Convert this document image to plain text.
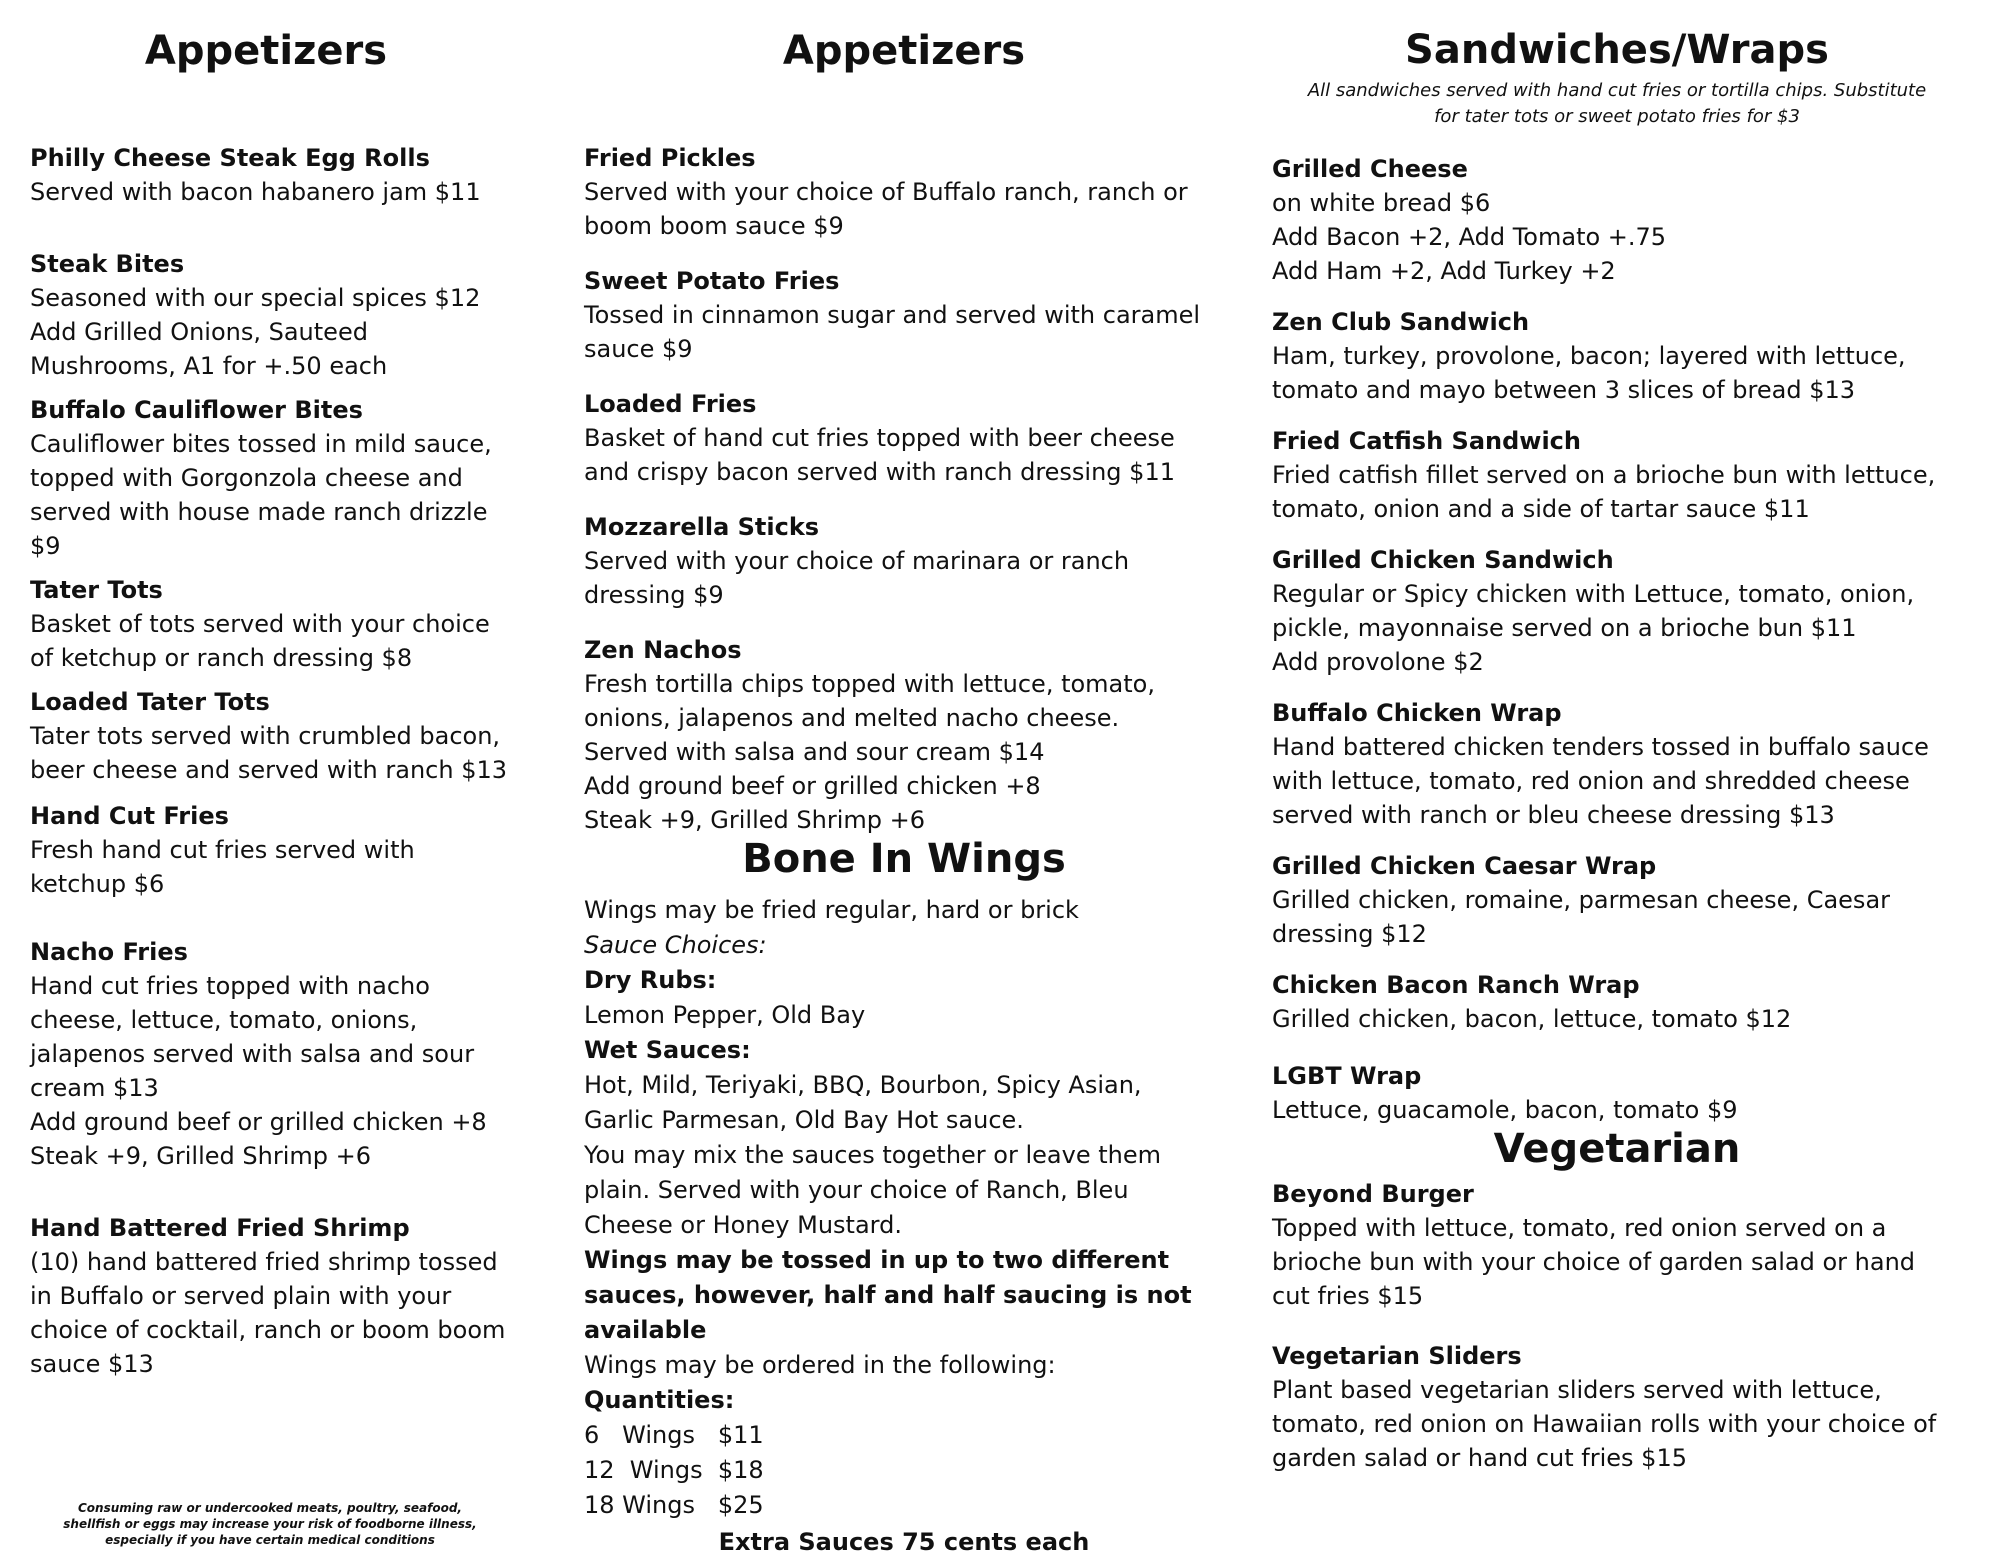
Appetizers

Philly Cheese Steak Egg Rolls

Served with bacon habanero jam $11

Steak Bites

Seasoned with our special spices $12
Add Grilled Onions, Sauteed
Mushrooms, A1 for +.50 each

Buffalo Cauliflower Bites

Cauliflower bites tossed in mild sauce,
topped with Gorgonzola cheese and
served with house made ranch drizzle
$9

Tater Tots

Basket of tots served with your choice
of ketchup or ranch dressing $8

Loaded Tater Tots

Tater tots served with crumbled bacon,
beer cheese and served with ranch $13

Hand Cut Fries

Fresh hand cut fries served with
ketchup $6

Nacho Fries

Hand cut fries topped with nacho
cheese, lettuce, tomato, onions,
jalapenos served with salsa and sour
cream $13
Add ground beef or grilled chicken +8
Steak +9, Grilled Shrimp +6

Hand Battered Fried Shrimp

(10) hand battered fried shrimp tossed
in Buffalo or served plain with your
choice of cocktail, ranch or boom boom
sauce $13

Consuming raw or undercooked meats, poultry, seafood, shellfish or eggs may increase your risk of foodborne illness, especially if you have certain medical conditions
Appetizers

Fried Pickles

Served with your choice of Buffalo ranch, ranch or
boom boom sauce $9

Sweet Potato Fries

Tossed in cinnamon sugar and served with caramel
sauce $9

Loaded Fries

Basket of hand cut fries topped with beer cheese
and crispy bacon served with ranch dressing $11

Mozzarella Sticks

Served with your choice of marinara or ranch
dressing $9

Zen Nachos

Fresh tortilla chips topped with lettuce, tomato,
onions, jalapenos and melted nacho cheese.
Served with salsa and sour cream $14
Add ground beef or grilled chicken +8
Steak +9, Grilled Shrimp +6

Bone In Wings

Wings may be fried regular, hard or brick

Sauce Choices:

Dry Rubs:

Lemon Pepper, Old Bay

Wet Sauces:

Hot, Mild, Teriyaki, BBQ, Bourbon, Spicy Asian,
Garlic Parmesan, Old Bay Hot sauce.

You may mix the sauces together or leave them
plain. Served with your choice of Ranch, Bleu
Cheese or Honey Mustard.

Wings may be tossed in up to two different
sauces, however, half and half saucing is not
available

Wings may be ordered in the following:

Quantities:

6   Wings   $11

12  Wings  $18

18 Wings   $25

Extra Sauces 75 cents each
Sandwiches/Wraps

All sandwiches served with hand cut fries or tortilla chips. Substitute
for tater tots or sweet potato fries for $3

Grilled Cheese

on white bread $6
Add Bacon +2, Add Tomato +.75
Add Ham +2, Add Turkey +2

Zen Club Sandwich

Ham, turkey, provolone, bacon; layered with lettuce,
tomato and mayo between 3 slices of bread $13

Fried Catfish Sandwich

Fried catfish fillet served on a brioche bun with lettuce,
tomato, onion and a side of tartar sauce $11

Grilled Chicken Sandwich

Regular or Spicy chicken with Lettuce, tomato, onion,
pickle, mayonnaise served on a brioche bun $11
Add provolone $2

Buffalo Chicken Wrap

Hand battered chicken tenders tossed in buffalo sauce
with lettuce, tomato, red onion and shredded cheese
served with ranch or bleu cheese dressing $13

Grilled Chicken Caesar Wrap

Grilled chicken, romaine, parmesan cheese, Caesar
dressing $12

Chicken Bacon Ranch Wrap

Grilled chicken, bacon, lettuce, tomato $12

LGBT Wrap

Lettuce, guacamole, bacon, tomato $9

Vegetarian

Beyond Burger

Topped with lettuce, tomato, red onion served on a
brioche bun with your choice of garden salad or hand
cut fries $15

Vegetarian Sliders

Plant based vegetarian sliders served with lettuce,
tomato, red onion on Hawaiian rolls with your choice of
garden salad or hand cut fries $15
